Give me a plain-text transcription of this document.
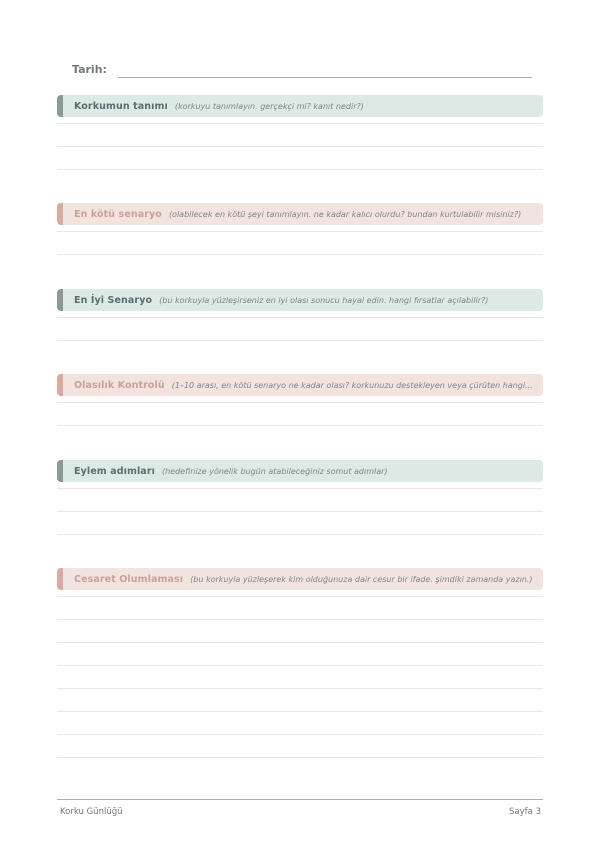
Tarih:
Korkumun tanımı (korkuyu tanımlayın. gerçekçi mi? kanıt nedir?)
En kötü senaryo (olabilecek en kötü şeyi tanımlayın. ne kadar kalıcı olurdu? bundan kurtulabilir misiniz?)
En İyi Senaryo (bu korkuyla yüzleşirseniz en iyi olası sonucu hayal edin. hangi fırsatlar açılabilir?)
Olasılık Kontrolü (1–10 arası, en kötü senaryo ne kadar olası? korkunuzu destekleyen veya çürüten hangi...
Eylem adımları (hedefinize yönelik bugün atabileceğiniz somut adımlar)
Cesaret Olumlaması (bu korkuyla yüzleşerek kim olduğunuza dair cesur bir ifade. şimdiki zamanda yazın.)
Korku Günlüğü	Sayfa 3
